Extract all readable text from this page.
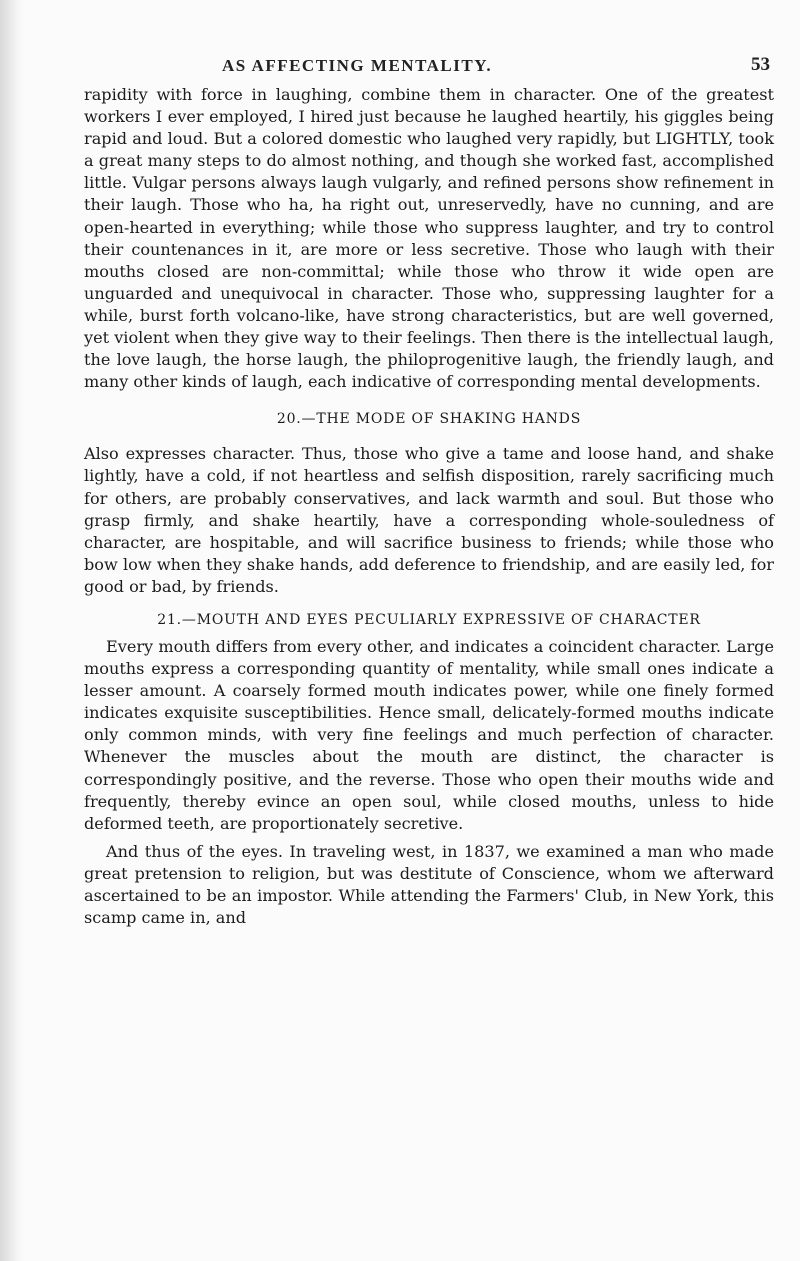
AS AFFECTING MENTALITY.	53

rapidity with force in laughing, combine them in character. One of the greatest workers I ever employed, I hired just because he laughed heartily, his giggles being rapid and loud. But a colored domestic who laughed very rapidly, but LIGHTLY, took a great many steps to do almost nothing, and though she worked fast, accomplished little. Vulgar persons always laugh vulgarly, and refined persons show refinement in their laugh. Those who ha, ha right out, unreservedly, have no cunning, and are open-hearted in everything; while those who suppress laughter, and try to control their countenances in it, are more or less secretive. Those who laugh with their mouths closed are non-committal; while those who throw it wide open are unguarded and unequivocal in character. Those who, suppressing laughter for a while, burst forth volcano-like, have strong characteristics, but are well governed, yet violent when they give way to their feelings. Then there is the intellectual laugh, the love laugh, the horse laugh, the philoprogenitive laugh, the friendly laugh, and many other kinds of laugh, each indicative of corresponding mental developments.

20.—THE MODE OF SHAKING HANDS

Also expresses character. Thus, those who give a tame and loose hand, and shake lightly, have a cold, if not heartless and selfish disposition, rarely sacrificing much for others, are probably conservatives, and lack warmth and soul. But those who grasp firmly, and shake heartily, have a corresponding whole-souledness of character, are hospitable, and will sacrifice business to friends; while those who bow low when they shake hands, add deference to friendship, and are easily led, for good or bad, by friends.

21.—MOUTH AND EYES PECULIARLY EXPRESSIVE OF CHARACTER

Every mouth differs from every other, and indicates a coincident character. Large mouths express a corresponding quantity of mentality, while small ones indicate a lesser amount. A coarsely formed mouth indicates power, while one finely formed indicates exquisite susceptibilities. Hence small, delicately-formed mouths indicate only common minds, with very fine feelings and much perfection of character. Whenever the muscles about the mouth are distinct, the character is correspondingly positive, and the reverse. Those who open their mouths wide and frequently, thereby evince an open soul, while closed mouths, unless to hide deformed teeth, are proportionately secretive.

And thus of the eyes. In traveling west, in 1837, we examined a man who made great pretension to religion, but was destitute of Conscience, whom we afterward ascertained to be an impostor. While attending the Farmers' Club, in New York, this scamp came in, and
